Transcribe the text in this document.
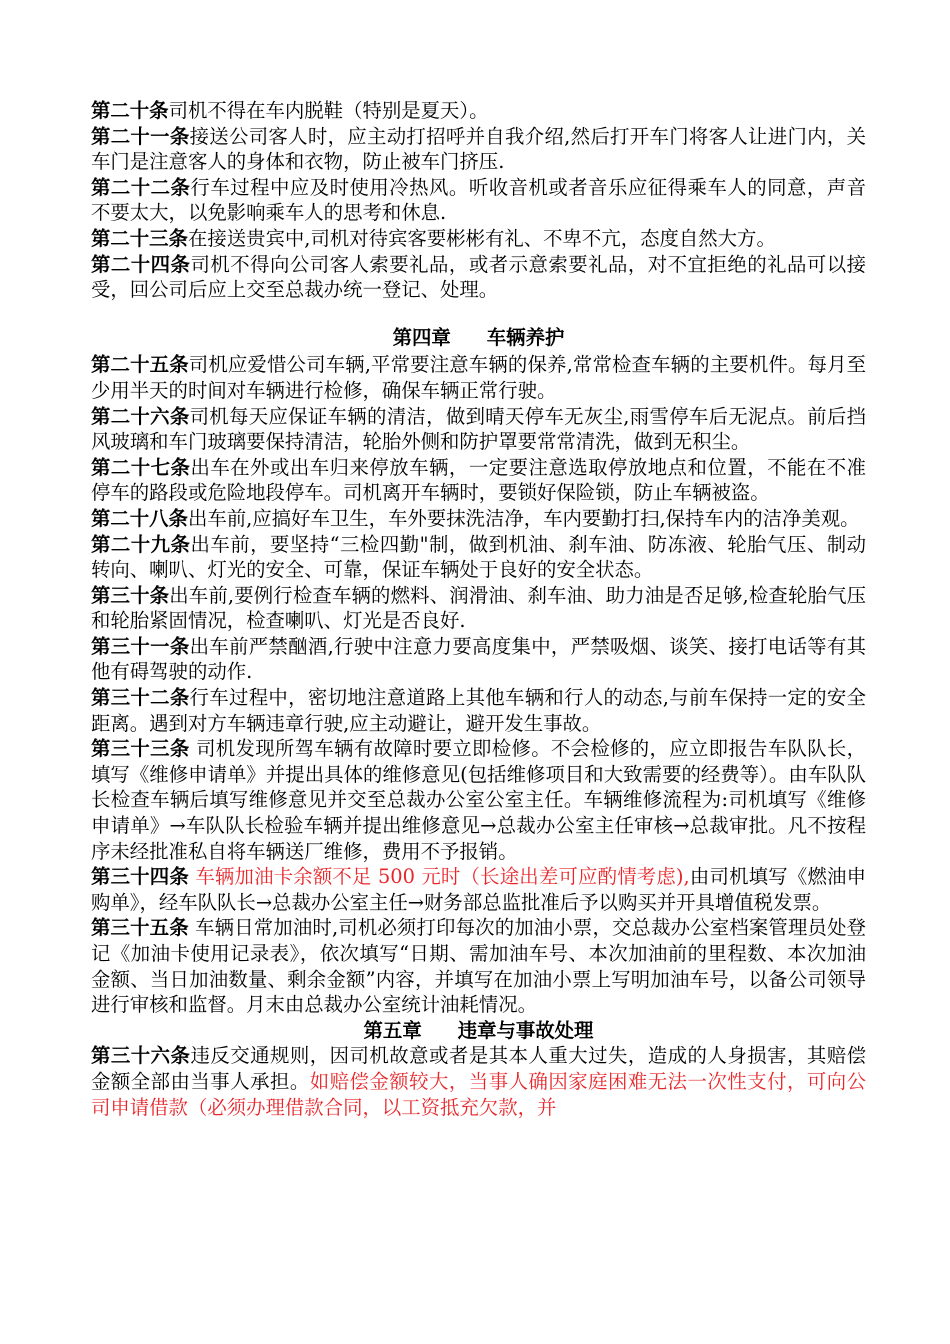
第二十条司机不得在车内脱鞋（特别是夏天）。

第二十一条接送公司客人时，应主动打招呼并自我介绍,然后打开车门将客人让进门内，关车门是注意客人的身体和衣物，防止被车门挤压.

第二十二条行车过程中应及时使用冷热风。听收音机或者音乐应征得乘车人的同意，声音不要太大，以免影响乘车人的思考和休息.

第二十三条在接送贵宾中,司机对待宾客要彬彬有礼、不卑不亢，态度自然大方。

第二十四条司机不得向公司客人索要礼品，或者示意索要礼品，对不宜拒绝的礼品可以接受，回公司后应上交至总裁办统一登记、处理。

第四章 车辆养护

第二十五条司机应爱惜公司车辆,平常要注意车辆的保养,常常检查车辆的主要机件。每月至少用半天的时间对车辆进行检修，确保车辆正常行驶。

第二十六条司机每天应保证车辆的清洁，做到晴天停车无灰尘,雨雪停车后无泥点。前后挡风玻璃和车门玻璃要保持清洁，轮胎外侧和防护罩要常常清洗，做到无积尘。

第二十七条出车在外或出车归来停放车辆，一定要注意选取停放地点和位置，不能在不准停车的路段或危险地段停车。司机离开车辆时，要锁好保险锁，防止车辆被盗。

第二十八条出车前,应搞好车卫生，车外要抹洗洁净，车内要勤打扫,保持车内的洁净美观。

第二十九条出车前，要坚持“三检四勤"制，做到机油、刹车油、防冻液、轮胎气压、制动转向、喇叭、灯光的安全、可靠，保证车辆处于良好的安全状态。

第三十条出车前,要例行检查车辆的燃料、润滑油、刹车油、助力油是否足够,检查轮胎气压和轮胎紧固情况，检查喇叭、灯光是否良好.

第三十一条出车前严禁酗酒,行驶中注意力要高度集中，严禁吸烟、谈笑、接打电话等有其他有碍驾驶的动作.

第三十二条行车过程中，密切地注意道路上其他车辆和行人的动态,与前车保持一定的安全距离。遇到对方车辆违章行驶,应主动避让，避开发生事故。

第三十三条 司机发现所驾车辆有故障时要立即检修。不会检修的，应立即报告车队队长，填写《维修申请单》并提出具体的维修意见(包括维修项目和大致需要的经费等）。由车队队长检查车辆后填写维修意见并交至总裁办公室公室主任。车辆维修流程为:司机填写《维修申请单》→车队队长检验车辆并提出维修意见→总裁办公室主任审核→总裁审批。凡不按程序未经批准私自将车辆送厂维修，费用不予报销。

第三十四条 车辆加油卡余额不足 500 元时（长途出差可应酌情考虑),由司机填写《燃油申购单》，经车队队长→总裁办公室主任→财务部总监批准后予以购买并开具增值税发票。

第三十五条 车辆日常加油时,司机必须打印每次的加油小票，交总裁办公室档案管理员处登记《加油卡使用记录表》，依次填写“日期、需加油车号、本次加油前的里程数、本次加油金额、当日加油数量、剩余金额”内容，并填写在加油小票上写明加油车号，以备公司领导进行审核和监督。月末由总裁办公室统计油耗情况。

第五章 违章与事故处理

第三十六条违反交通规则，因司机故意或者是其本人重大过失，造成的人身损害，其赔偿金额全部由当事人承担。如赔偿金额较大，当事人确因家庭困难无法一次性支付，可向公司申请借款（必须办理借款合同，以工资抵充欠款，并
